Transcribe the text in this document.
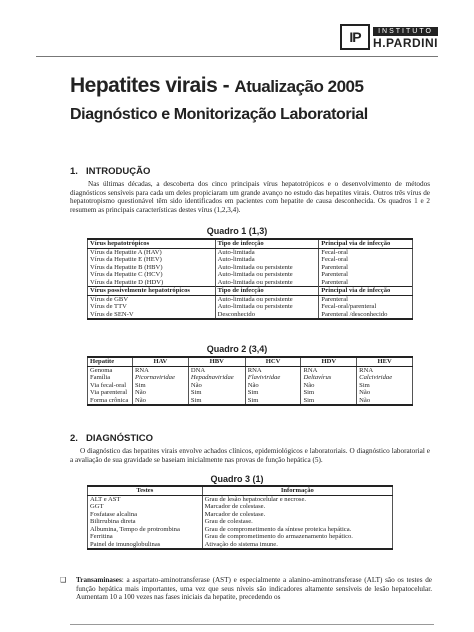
IP	INSTITUTO
H.PARDINI
Hepatites virais - Atualização 2005
Diagnóstico e Monitorização Laboratorial
1. INTRODUÇÃO
Nas últimas décadas, a descoberta dos cinco principais vírus hepatotrópicos e o desenvolvimento de métodos diagnósticos sensíveis para cada um deles propiciaram um grande avanço no estudo das hepatites virais. Outros três vírus de hepatotropismo questionável têm sido identificados em pacientes com hepatite de causa desconhecida. Os quadros 1 e 2 resumem as principais características destes vírus (1,2,3,4).
Quadro 1 (1,3)
Vírus hepatotrópicos	Tipo de infecção	Principal via de infecção
Vírus da Hepatite A (HAV)	Auto-limitada	Fecal-oral
Vírus da Hepatite E (HEV)	Auto-limitada	Fecal-oral
Vírus da Hepatite B (HBV)	Auto-limitada ou persistente	Parenteral
Vírus da Hepatite C (HCV)	Auto-limitada ou persistente	Parenteral
Vírus da Hepatite D (HDV)	Auto-limitada ou persistente	Parenteral
Vírus possivelmente hepatotrópicos	Tipo de infecção	Principal via de infecção
Vírus de GBV	Auto-limitada ou persistente	Parenteral
Vírus de TTV	Auto-limitada ou persistente	Fecal-oral/parenteral
Vírus de SEN-V	Desconhecido	Parenteral /desconhecido
Quadro 2 (3,4)
Hepatite	HAV	HBV	HCV	HDV	HEV
Genoma	RNA	DNA	RNA	RNA	RNA
Família	Picornaviridae	Hepadnaviridae	Flaviviridae	Deltavírus	Calciviridae
Via fecal-oral	Sim	Não	Não	Não	Sim
Via parenteral	Não	Sim	Sim	Sim	Não
Forma crônica	Não	Sim	Sim	Sim	Não
2. DIAGNÓSTICO
O diagnóstico das hepatites virais envolve achados clínicos, epidemiológicos e laboratoriais. O diagnóstico laboratorial e a avaliação de sua gravidade se baseiam inicialmente nas provas de função hepática (5).
Quadro 3 (1)
Testes	Informação
ALT e AST	Grau de lesão hepatocelular e necrose.
GGT	Marcador de colestase.
Fosfatase alcalina	Marcador de colestase.
Bilirrubina direta	Grau de colestase.
Albumina, Tempo de protrombina	Grau de comprometimento da síntese proteica hepática.
Ferritina	Grau de comprometimento do armazenamento hepático.
Painel de imunoglobulinas	Ativação do sistema imune.
❑ Transaminases: a aspartato-aminotransferase (AST) e especialmente a alanino-aminotransferase (ALT) são os testes de função hepática mais importantes, uma vez que seus níveis são indicadores altamente sensíveis de lesão hepatocelular. Aumentam 10 a 100 vezes nas fases iniciais da hepatite, precedendo os
